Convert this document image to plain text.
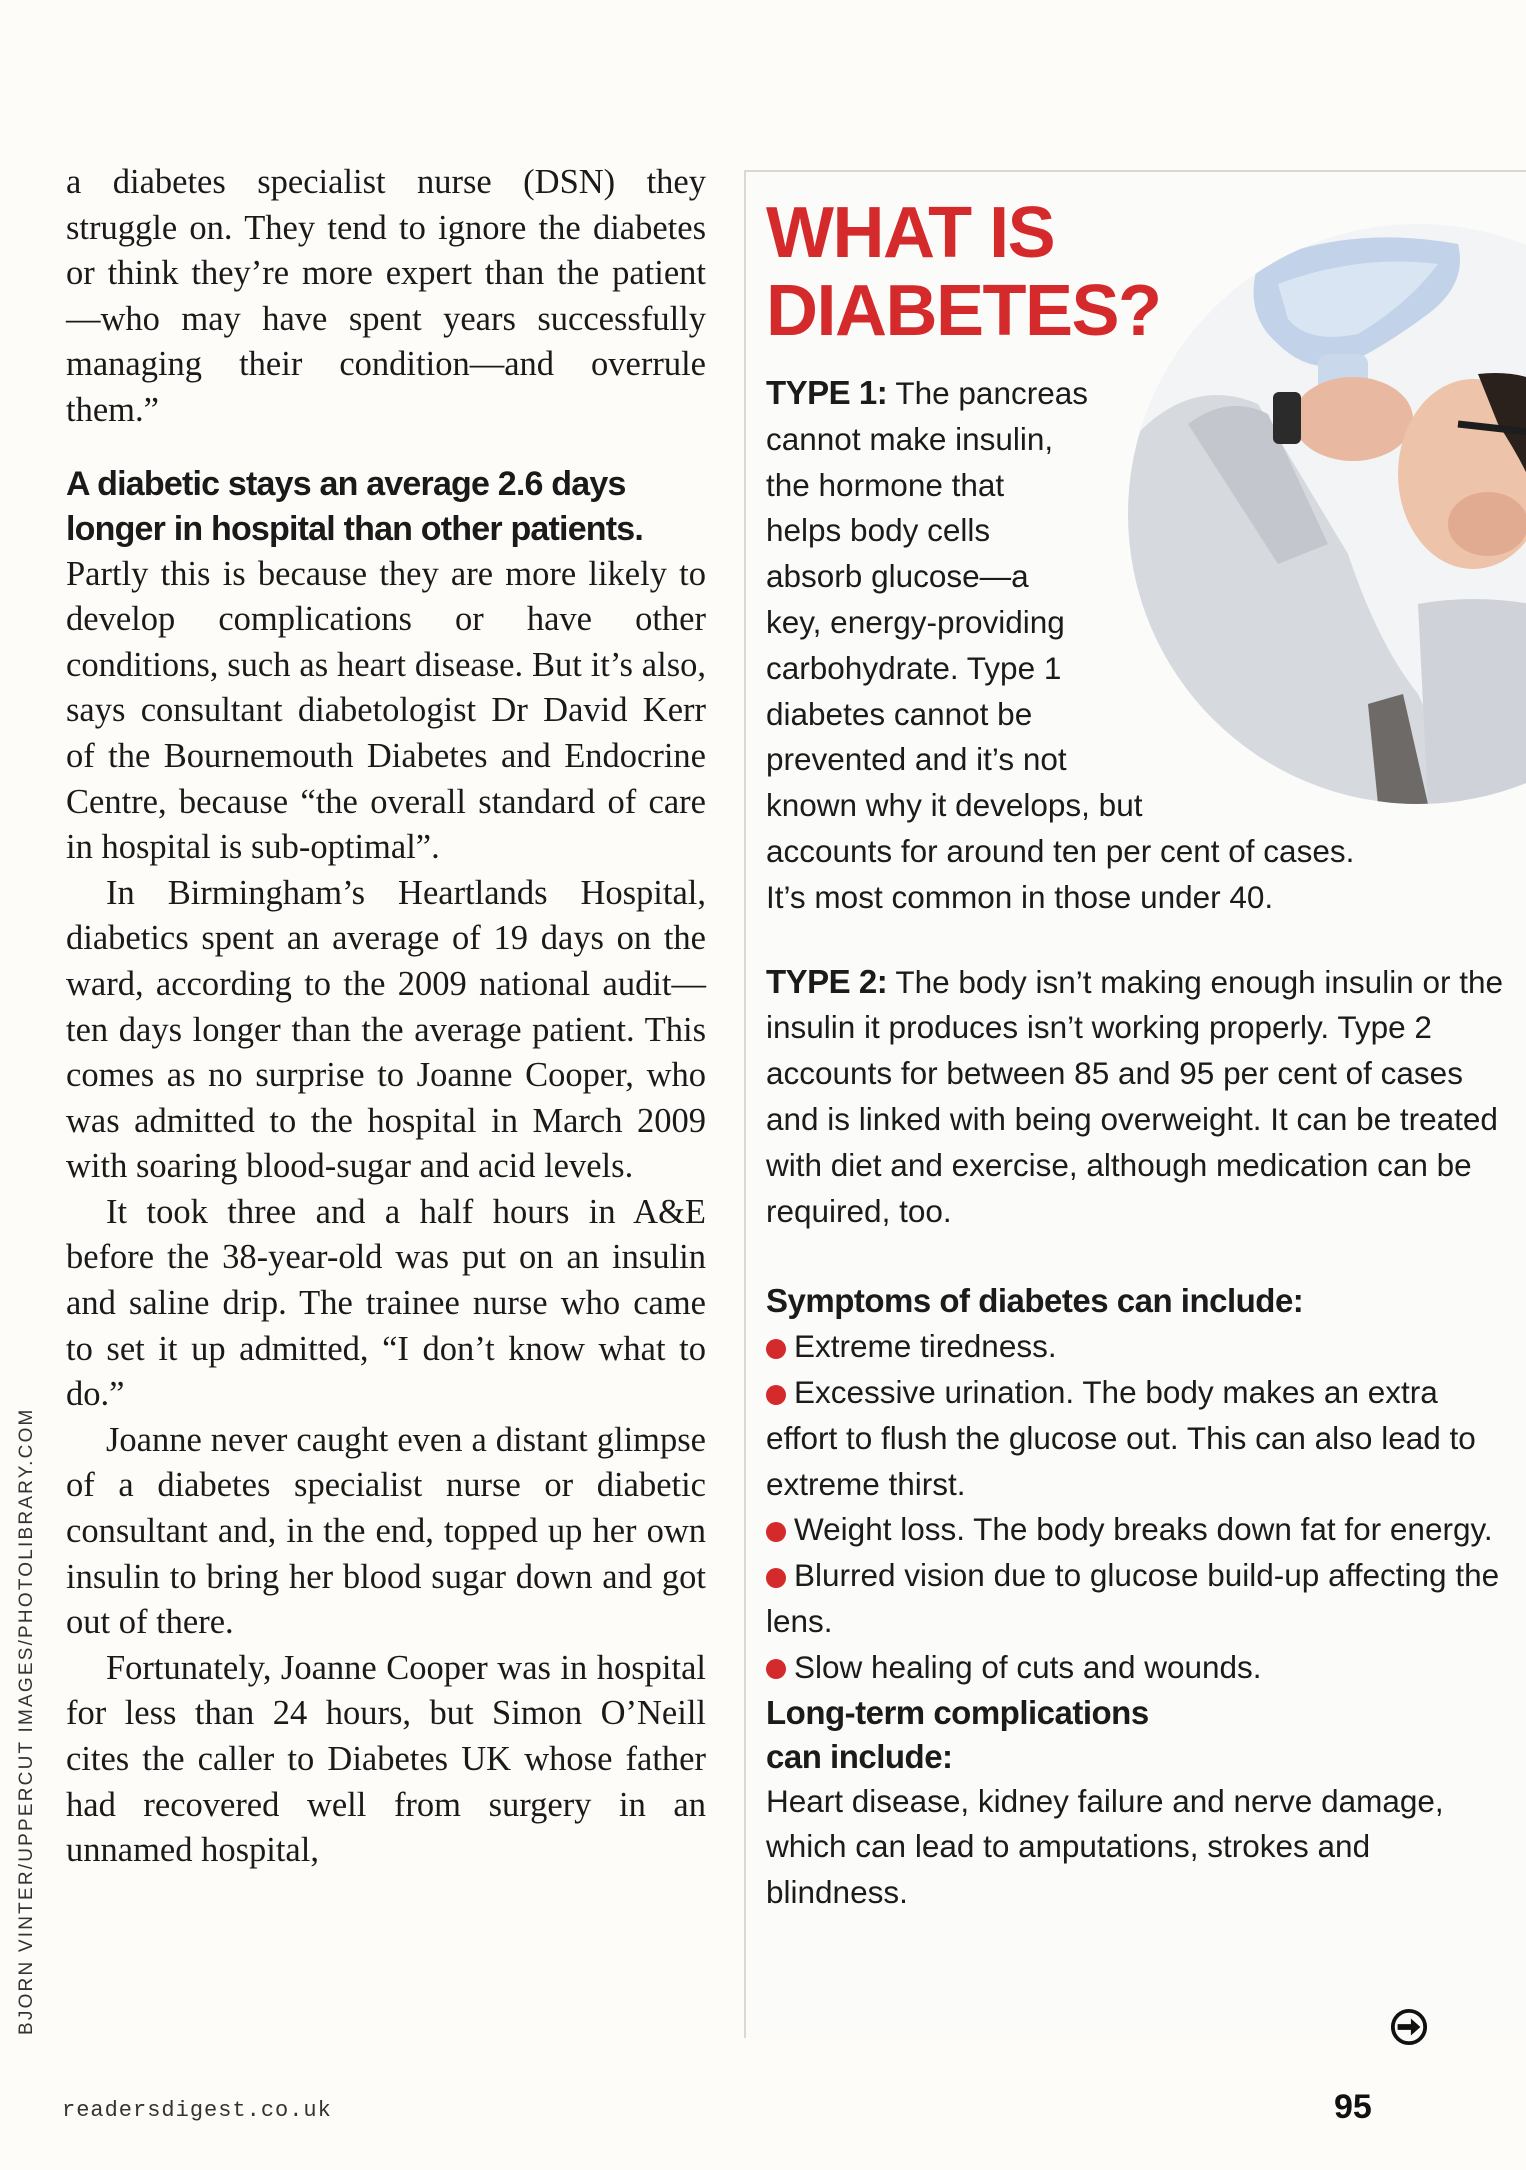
a diabetes specialist nurse (DSN) they struggle on. They tend to ignore the diabetes or think they’re more expert than the patient—who may have spent years successfully managing their condition—and overrule them.”

A diabetic stays an average 2.6 days longer in hospital than other patients.

Partly this is because they are more likely to develop complications or have other conditions, such as heart disease. But it’s also, says consultant diabetologist Dr David Kerr of the Bournemouth Diabetes and Endocrine Centre, because “the overall standard of care in hospital is sub-optimal”.

In Birmingham’s Heartlands Hospital, diabetics spent an average of 19 days on the ward, according to the 2009 national audit—ten days longer than the average patient. This comes as no surprise to Joanne Cooper, who was admitted to the hospital in March 2009 with soaring blood-sugar and acid levels.

It took three and a half hours in A&E before the 38-year-old was put on an insulin and saline drip. The trainee nurse who came to set it up admitted, “I don’t know what to do.”

Joanne never caught even a distant glimpse of a diabetes specialist nurse or diabetic consultant and, in the end, topped up her own insulin to bring her blood sugar down and got out of there.

Fortunately, Joanne Cooper was in hospital for less than 24 hours, but Simon O’Neill cites the caller to Diabetes UK whose father had recovered well from surgery in an unnamed hospital,

BJORN VINTER/UPPERCUT IMAGES/PHOTOLIBRARY.COM
WHAT IS
DIABETES?
TYPE 1: The pancreas
cannot make insulin,
the hormone that
helps body cells
absorb glucose—a
key, energy-providing
carbohydrate. Type 1
diabetes cannot be
prevented and it’s not
known why it develops, but
accounts for around ten per cent of cases.
It’s most common in those under 40.

TYPE 2: The body isn’t making enough insulin or the insulin it produces isn’t working properly. Type 2 accounts for between 85 and 95 per cent of cases and is linked with being overweight. It can be treated with diet and exercise, although medication can be required, too.

Symptoms of diabetes can include:
Extreme tiredness.
Excessive urination. The body makes an extra effort to flush the glucose out. This can also lead to extreme thirst.
Weight loss. The body breaks down fat for energy.
Blurred vision due to glucose build-up affecting the lens.
Slow healing of cuts and wounds.
Long-term complications
can include:

Heart disease, kidney failure and nerve damage, which can lead to amputations, strokes and blindness.

readersdigest.co.uk	95
